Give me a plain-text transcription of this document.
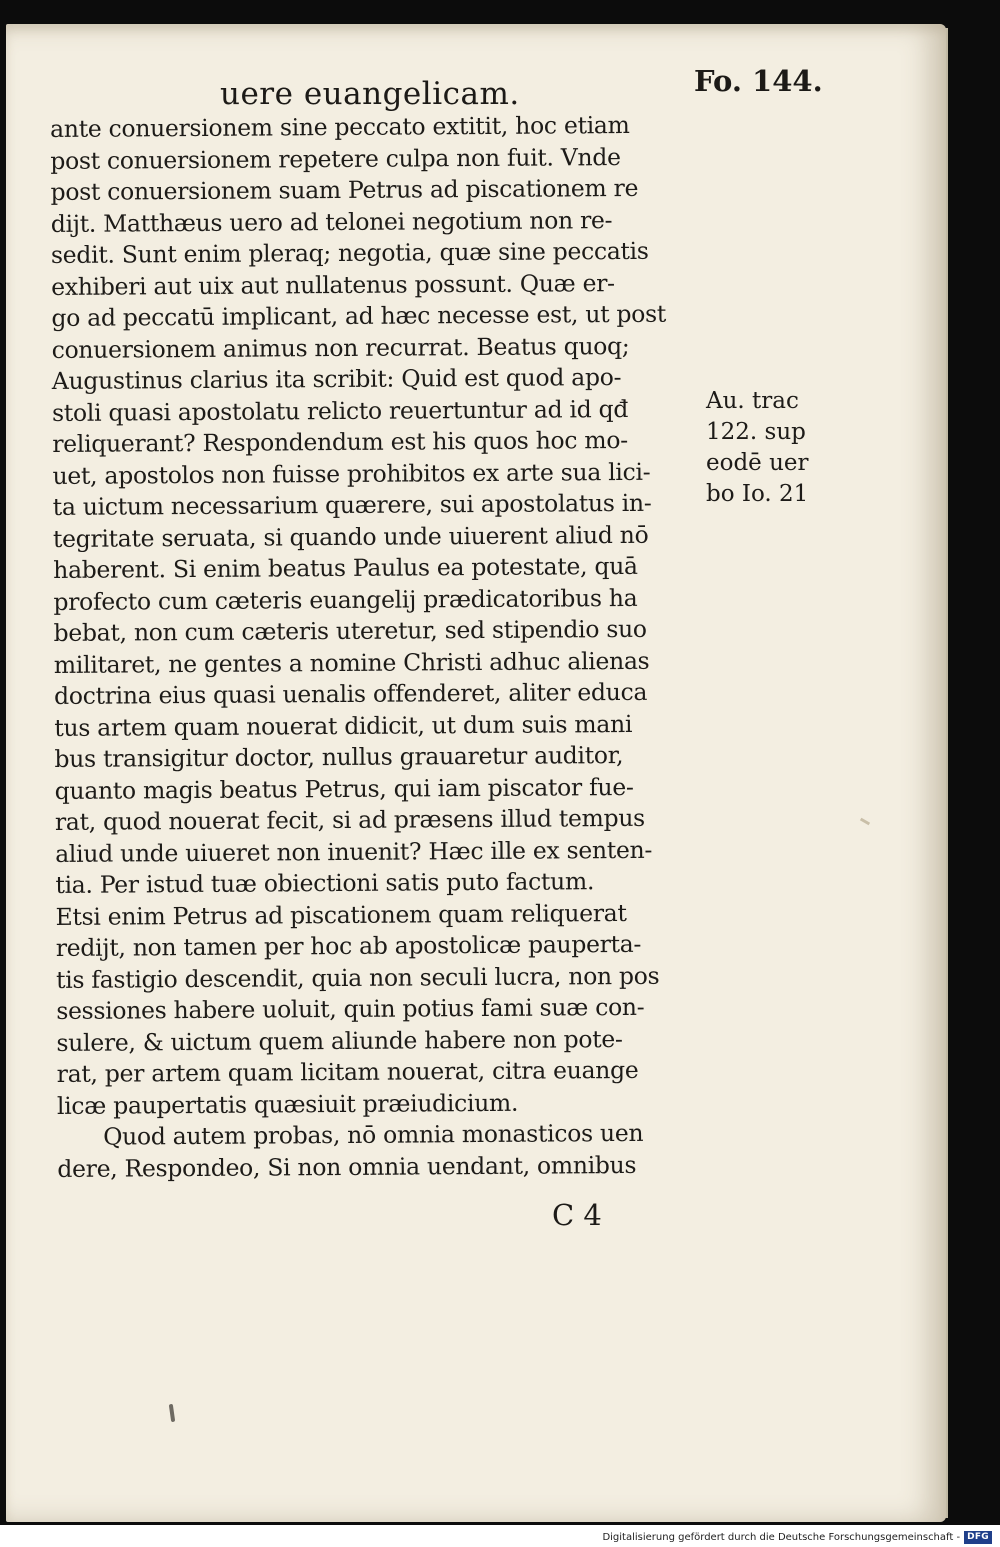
uere euangelicam.	Fo. 144.
ante conuersionem sine peccato extitit, hoc etiam
post conuersionem repetere culpa non fuit. Vnde
post conuersionem suam Petrus ad piscationem re
dijt. Matthæus uero ad telonei negotium non re-
sedit. Sunt enim pleraq; negotia, quæ sine peccatis
exhiberi aut uix aut nullatenus possunt. Quæ er-
go ad peccatū implicant, ad hæc necesse est, ut post
conuersionem animus non recurrat. Beatus quoq;
Augustinus clarius ita scribit: Quid est quod apo-
stoli quasi apostolatu relicto reuertuntur ad id qđ
reliquerant? Respondendum est his quos hoc mo-
uet, apostolos non fuisse prohibitos ex arte sua lici-
ta uictum necessarium quærere, sui apostolatus in-
tegritate seruata, si quando unde uiuerent aliud nō
haberent. Si enim beatus Paulus ea potestate, quā
profecto cum cæteris euangelij prædicatoribus ha
bebat, non cum cæteris uteretur, sed stipendio suo
militaret, ne gentes a nomine Christi adhuc alienas
doctrina eius quasi uenalis offenderet, aliter educa
tus artem quam nouerat didicit, ut dum suis mani
bus transigitur doctor, nullus grauaretur auditor,
quanto magis beatus Petrus, qui iam piscator fue-
rat, quod nouerat fecit, si ad præsens illud tempus
aliud unde uiueret non inuenit? Hæc ille ex senten-
tia. Per istud tuæ obiectioni satis puto factum.
Etsi enim Petrus ad piscationem quam reliquerat
redijt, non tamen per hoc ab apostolicæ pauperta-
tis fastigio descendit, quia non seculi lucra, non pos
sessiones habere uoluit, quin potius fami suæ con-
sulere, & uictum quem aliunde habere non pote-
rat, per artem quam licitam nouerat, citra euange
licæ paupertatis quæsiuit præiudicium.
Quod autem probas, nō omnia monasticos uen
dere, Respondeo, Si non omnia uendant, omnibus
Au. trac
122. sup
eodē uer
bo Io. 21
C 4
Digitalisierung gefördert durch die Deutsche Forschungsgemeinschaft - DFG
